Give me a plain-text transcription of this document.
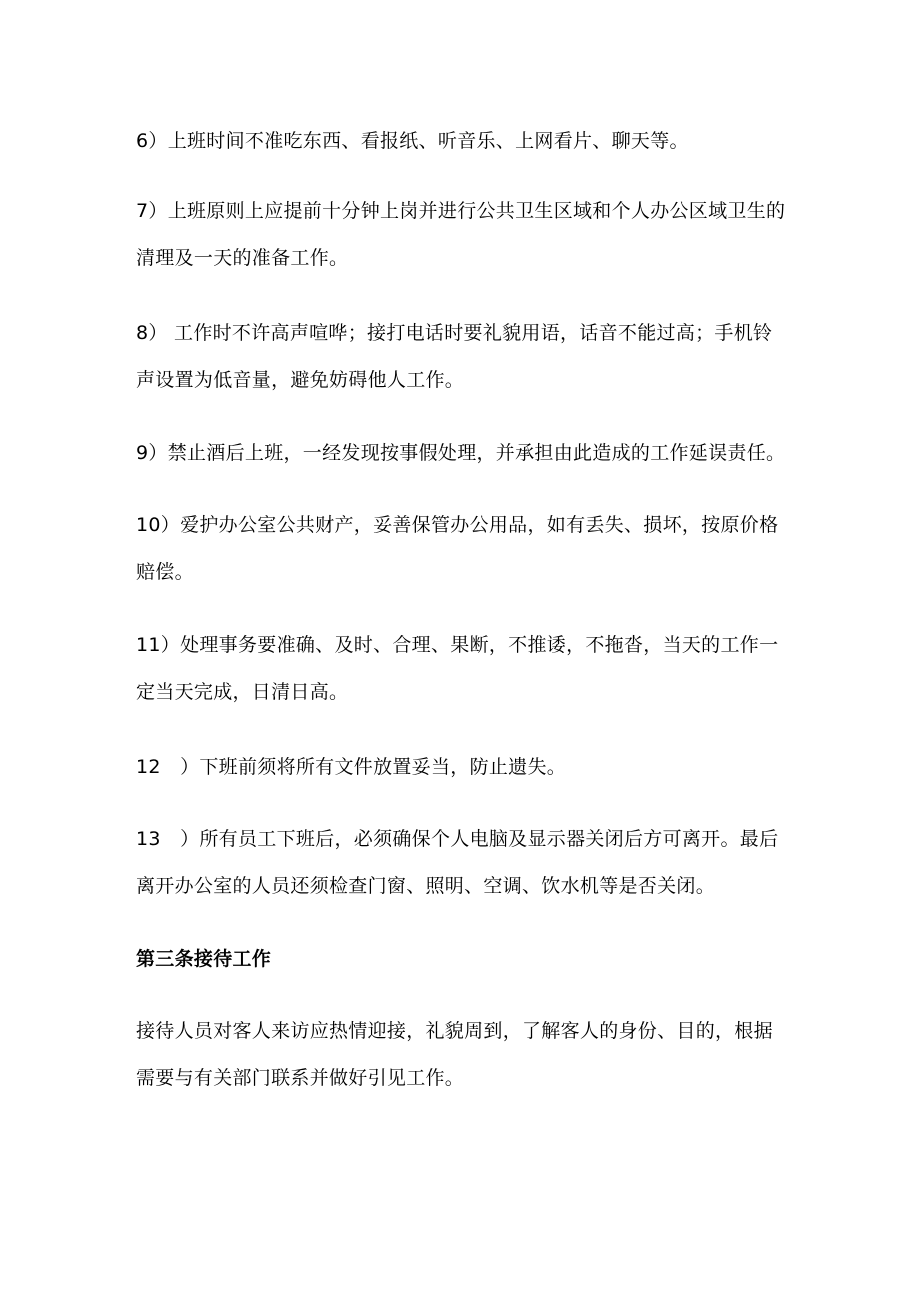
6）上班时间不准吃东西、看报纸、听音乐、上网看片、聊天等。

7）上班原则上应提前十分钟上岗并进行公共卫生区域和个人办公区域卫生的清理及一天的准备工作。

8） 工作时不许高声喧哗；接打电话时要礼貌用语，话音不能过高；手机铃声设置为低音量，避免妨碍他人工作。

9）禁止酒后上班，一经发现按事假处理，并承担由此造成的工作延误责任。

10）爱护办公室公共财产，妥善保管办公用品，如有丢失、损坏，按原价格赔偿。

11）处理事务要准确、及时、合理、果断，不推诿，不拖沓，当天的工作一定当天完成，日清日高。

12　）下班前须将所有文件放置妥当，防止遗失。

13　）所有员工下班后，必须确保个人电脑及显示器关闭后方可离开。最后离开办公室的人员还须检查门窗、照明、空调、饮水机等是否关闭。

第三条接待工作

接待人员对客人来访应热情迎接，礼貌周到，了解客人的身份、目的，根据需要与有关部门联系并做好引见工作。
